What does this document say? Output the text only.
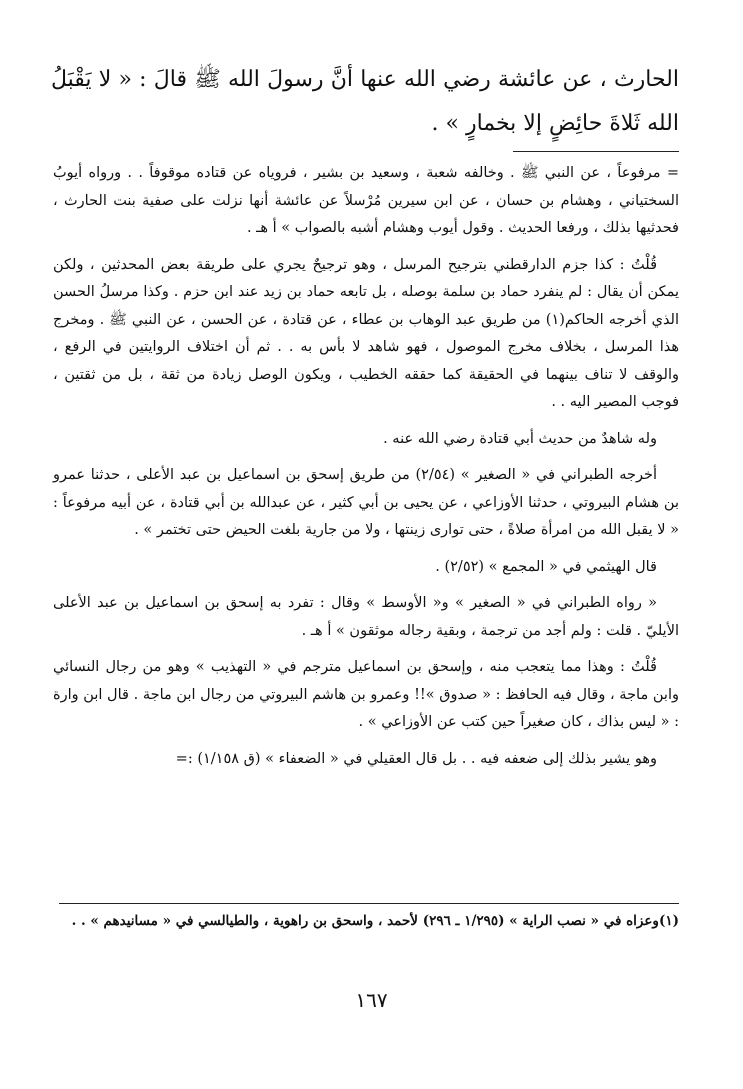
الحارث ، عن عائشة رضي الله عنها أنَّ رسولَ الله ﷺ قالَ : « لا يَقْبَلُ الله ثَلاةَ حائِضٍ إلا بخمارٍ » .

= مرفوعاً ، عن النبي ﷺ . وخالفه شعبة ، وسعيد بن بشير ، فروياه عن قتاده موقوفاً . . ورواه أيوبُ السختياني ، وهشام بن حسان ، عن ابن سيرين مُرْسلاً عن عائشة أنها نزلت على صفية بنت الحارث ، فحدثيها بذلك ، ورفعا الحديث . وقول أيوب وهشام أشبه بالصواب » أ هـ .

قُلْتُ : كذا جزم الدارقطني بترجيح المرسل ، وهو ترجيحٌ يجري على طريقة بعض المحدثين ، ولكن يمكن أن يقال : لم ينفرد حماد بن سلمة بوصله ، بل تابعه حماد بن زيد عند ابن حزم . وكذا مرسلُ الحسن الذي أخرجه الحاكم(١) من طريق عبد الوهاب بن عطاء ، عن قتادة ، عن الحسن ، عن النبي ﷺ . ومخرج هذا المرسل ، بخلاف مخرج الموصول ، فهو شاهد لا بأس به . . ثم أن اختلاف الروايتين في الرفع ، والوقف لا تناف بينهما في الحقيقة كما حققه الخطيب ، ويكون الوصل زيادة من ثقة ، بل من ثقتين ، فوجب المصير اليه . .

وله شاهدٌ من حديث أبي قتادة رضي الله عنه .

أخرجه الطبراني في « الصغير » (٢/٥٤) من طريق إسحق بن اسماعيل بن عبد الأعلى ، حدثنا عمرو بن هشام البيروتي ، حدثنا الأوزاعي ، عن يحيى بن أبي كثير ، عن عبدالله بن أبي قتادة ، عن أبيه مرفوعاً : « لا يقبل الله من امرأة صلاةً ، حتى توارى زينتها ، ولا من جارية بلغت الحيض حتى تختمر » .

قال الهيثمي في « المجمع » (٢/٥٢) .

« رواه الطبراني في « الصغير » و« الأوسط » وقال : تفرد به إسحق بن اسماعيل بن عبد الأعلى الأيليّ . قلت : ولم أجد من ترجمة ، وبقية رجاله موثقون » أ هـ .

قُلْتُ : وهذا مما يتعجب منه ، وإسحق بن اسماعيل مترجم في « التهذيب » وهو من رجال النسائي وابن ماجة ، وقال فيه الحافظ : « صدوق »!! وعمرو بن هاشم البيروتي من رجال ابن ماجة . قال ابن وارة : « ليس بذاك ، كان صغيراً حين كتب عن الأوزاعي » .

وهو يشير بذلك إلى ضعفه فيه . . بل قال العقيلي في « الضعفاء » (ق ١/١٥٨) :=

(١)وعزاه في « نصب الراية » (١/٢٩٥ ـ ٢٩٦) لأحمد ، واسحق بن راهوية ، والطيالسي في « مسانيدهم » . .

١٦٧
